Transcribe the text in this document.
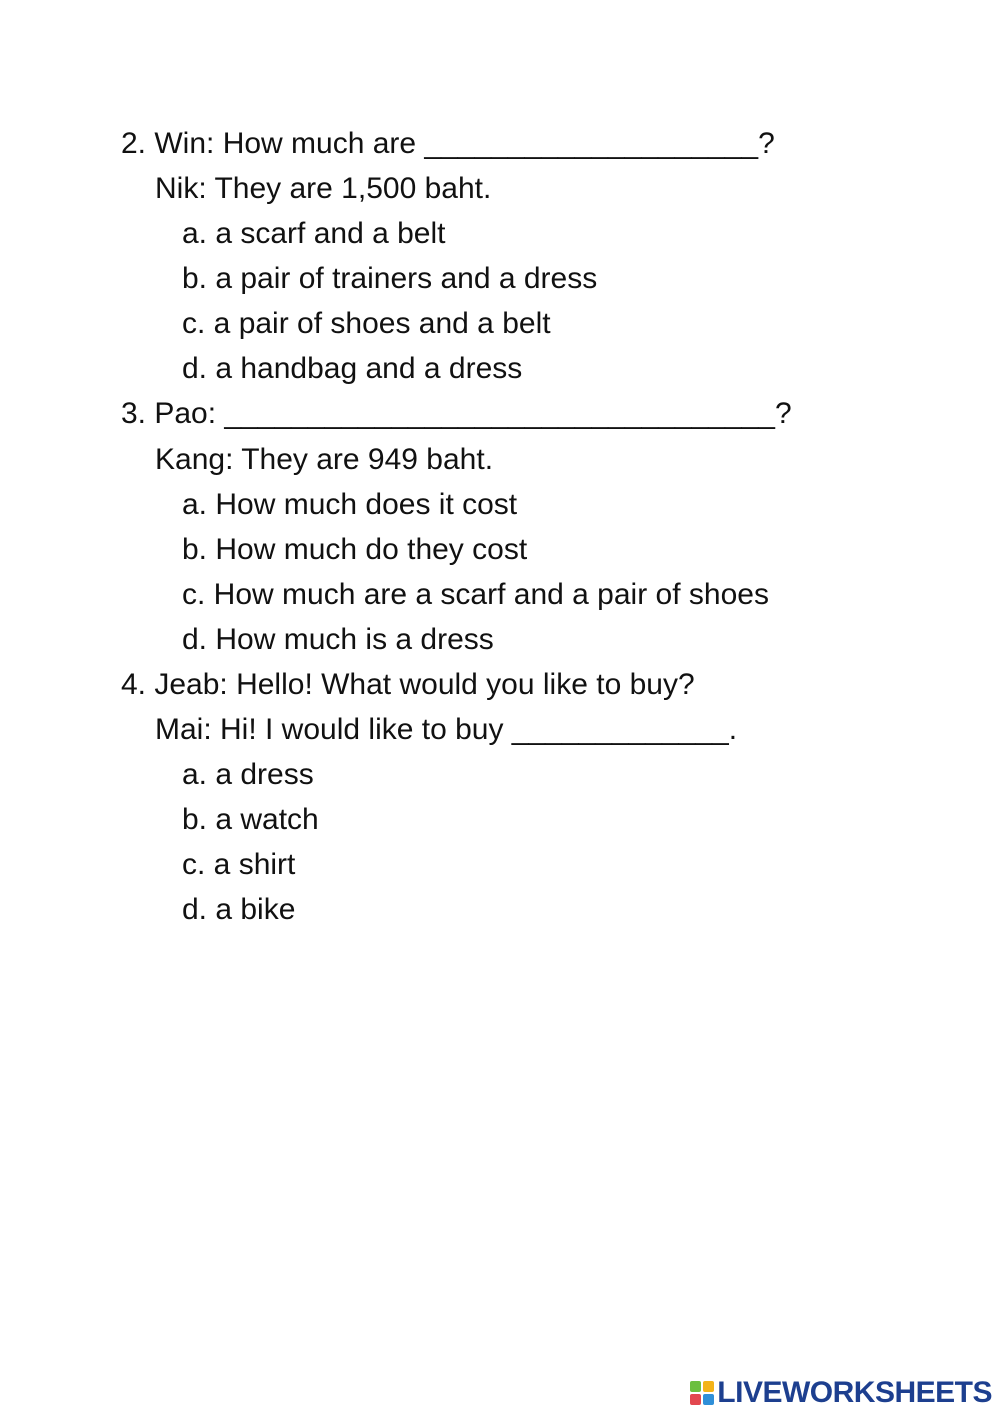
2. Win: How much are ____________________?
Nik: They are 1,500 baht.
a. a scarf and a belt
b. a pair of trainers and a dress
c. a pair of shoes and a belt
d. a handbag and a dress
3. Pao: _________________________________?
Kang: They are 949 baht.
a. How much does it cost
b. How much do they cost
c. How much are a scarf and a pair of shoes
d. How much is a dress
4. Jeab: Hello! What would you like to buy?
Mai: Hi! I would like to buy _____________.
a. a dress
b. a watch
c. a shirt
d. a bike
LIVEWORKSHEETS
